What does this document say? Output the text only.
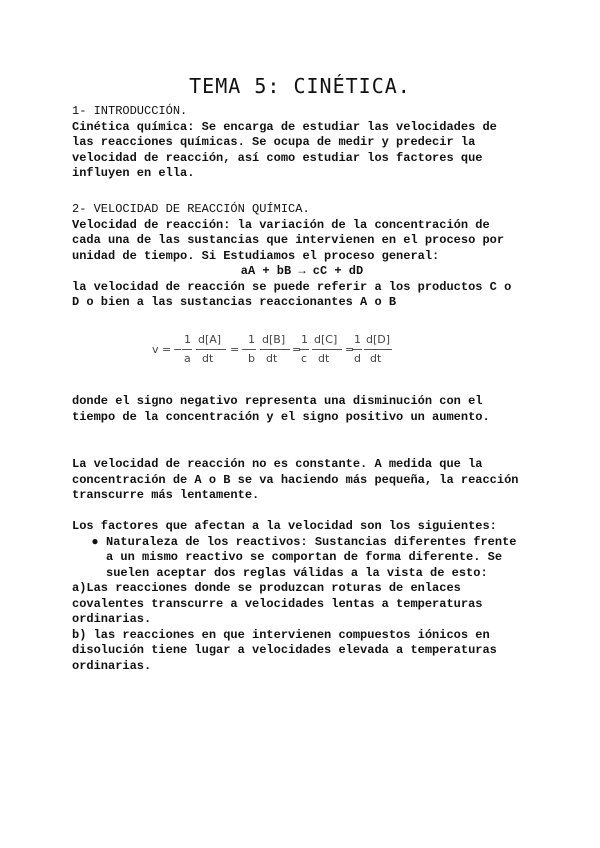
TEMA 5: CINÉTICA.
1- INTRODUCCIÓN.
Cinética química: Se encarga de estudiar las velocidades de
las reacciones químicas. Se ocupa de medir y predecir la
velocidad de reacción, así como estudiar los factores que
influyen en ella.
2- VELOCIDAD DE REACCIÓN QUÍMICA.
Velocidad de reacción: la variación de la concentración de
cada una de las sustancias que intervienen en el proceso por
unidad de tiempo. Si Estudiamos el proceso general:
aA + bB → cC + dD
la velocidad de reacción se puede referir a los productos C o
D o bien a las sustancias reaccionantes A o B
v = −
1
a
d[A]
dt
= −
1
b
d[B]
dt
=
1
c
d[C]
dt
=
1
d
d[D]
dt
donde el signo negativo representa una disminución con el
tiempo de la concentración y el signo positivo un aumento.
La velocidad de reacción no es constante. A medida que la
concentración de A o B se va haciendo más pequeña, la reacción
transcurre más lentamente.
Los factores que afectan a la velocidad son los siguientes:
● Naturaleza de los reactivos: Sustancias diferentes frente
a un mismo reactivo se comportan de forma diferente. Se
suelen aceptar dos reglas válidas a la vista de esto:
a)Las reacciones donde se produzcan roturas de enlaces
covalentes transcurre a velocidades lentas a temperaturas
ordinarias.
b) las reacciones en que intervienen compuestos iónicos en
disolución tiene lugar a velocidades elevada a temperaturas
ordinarias.
